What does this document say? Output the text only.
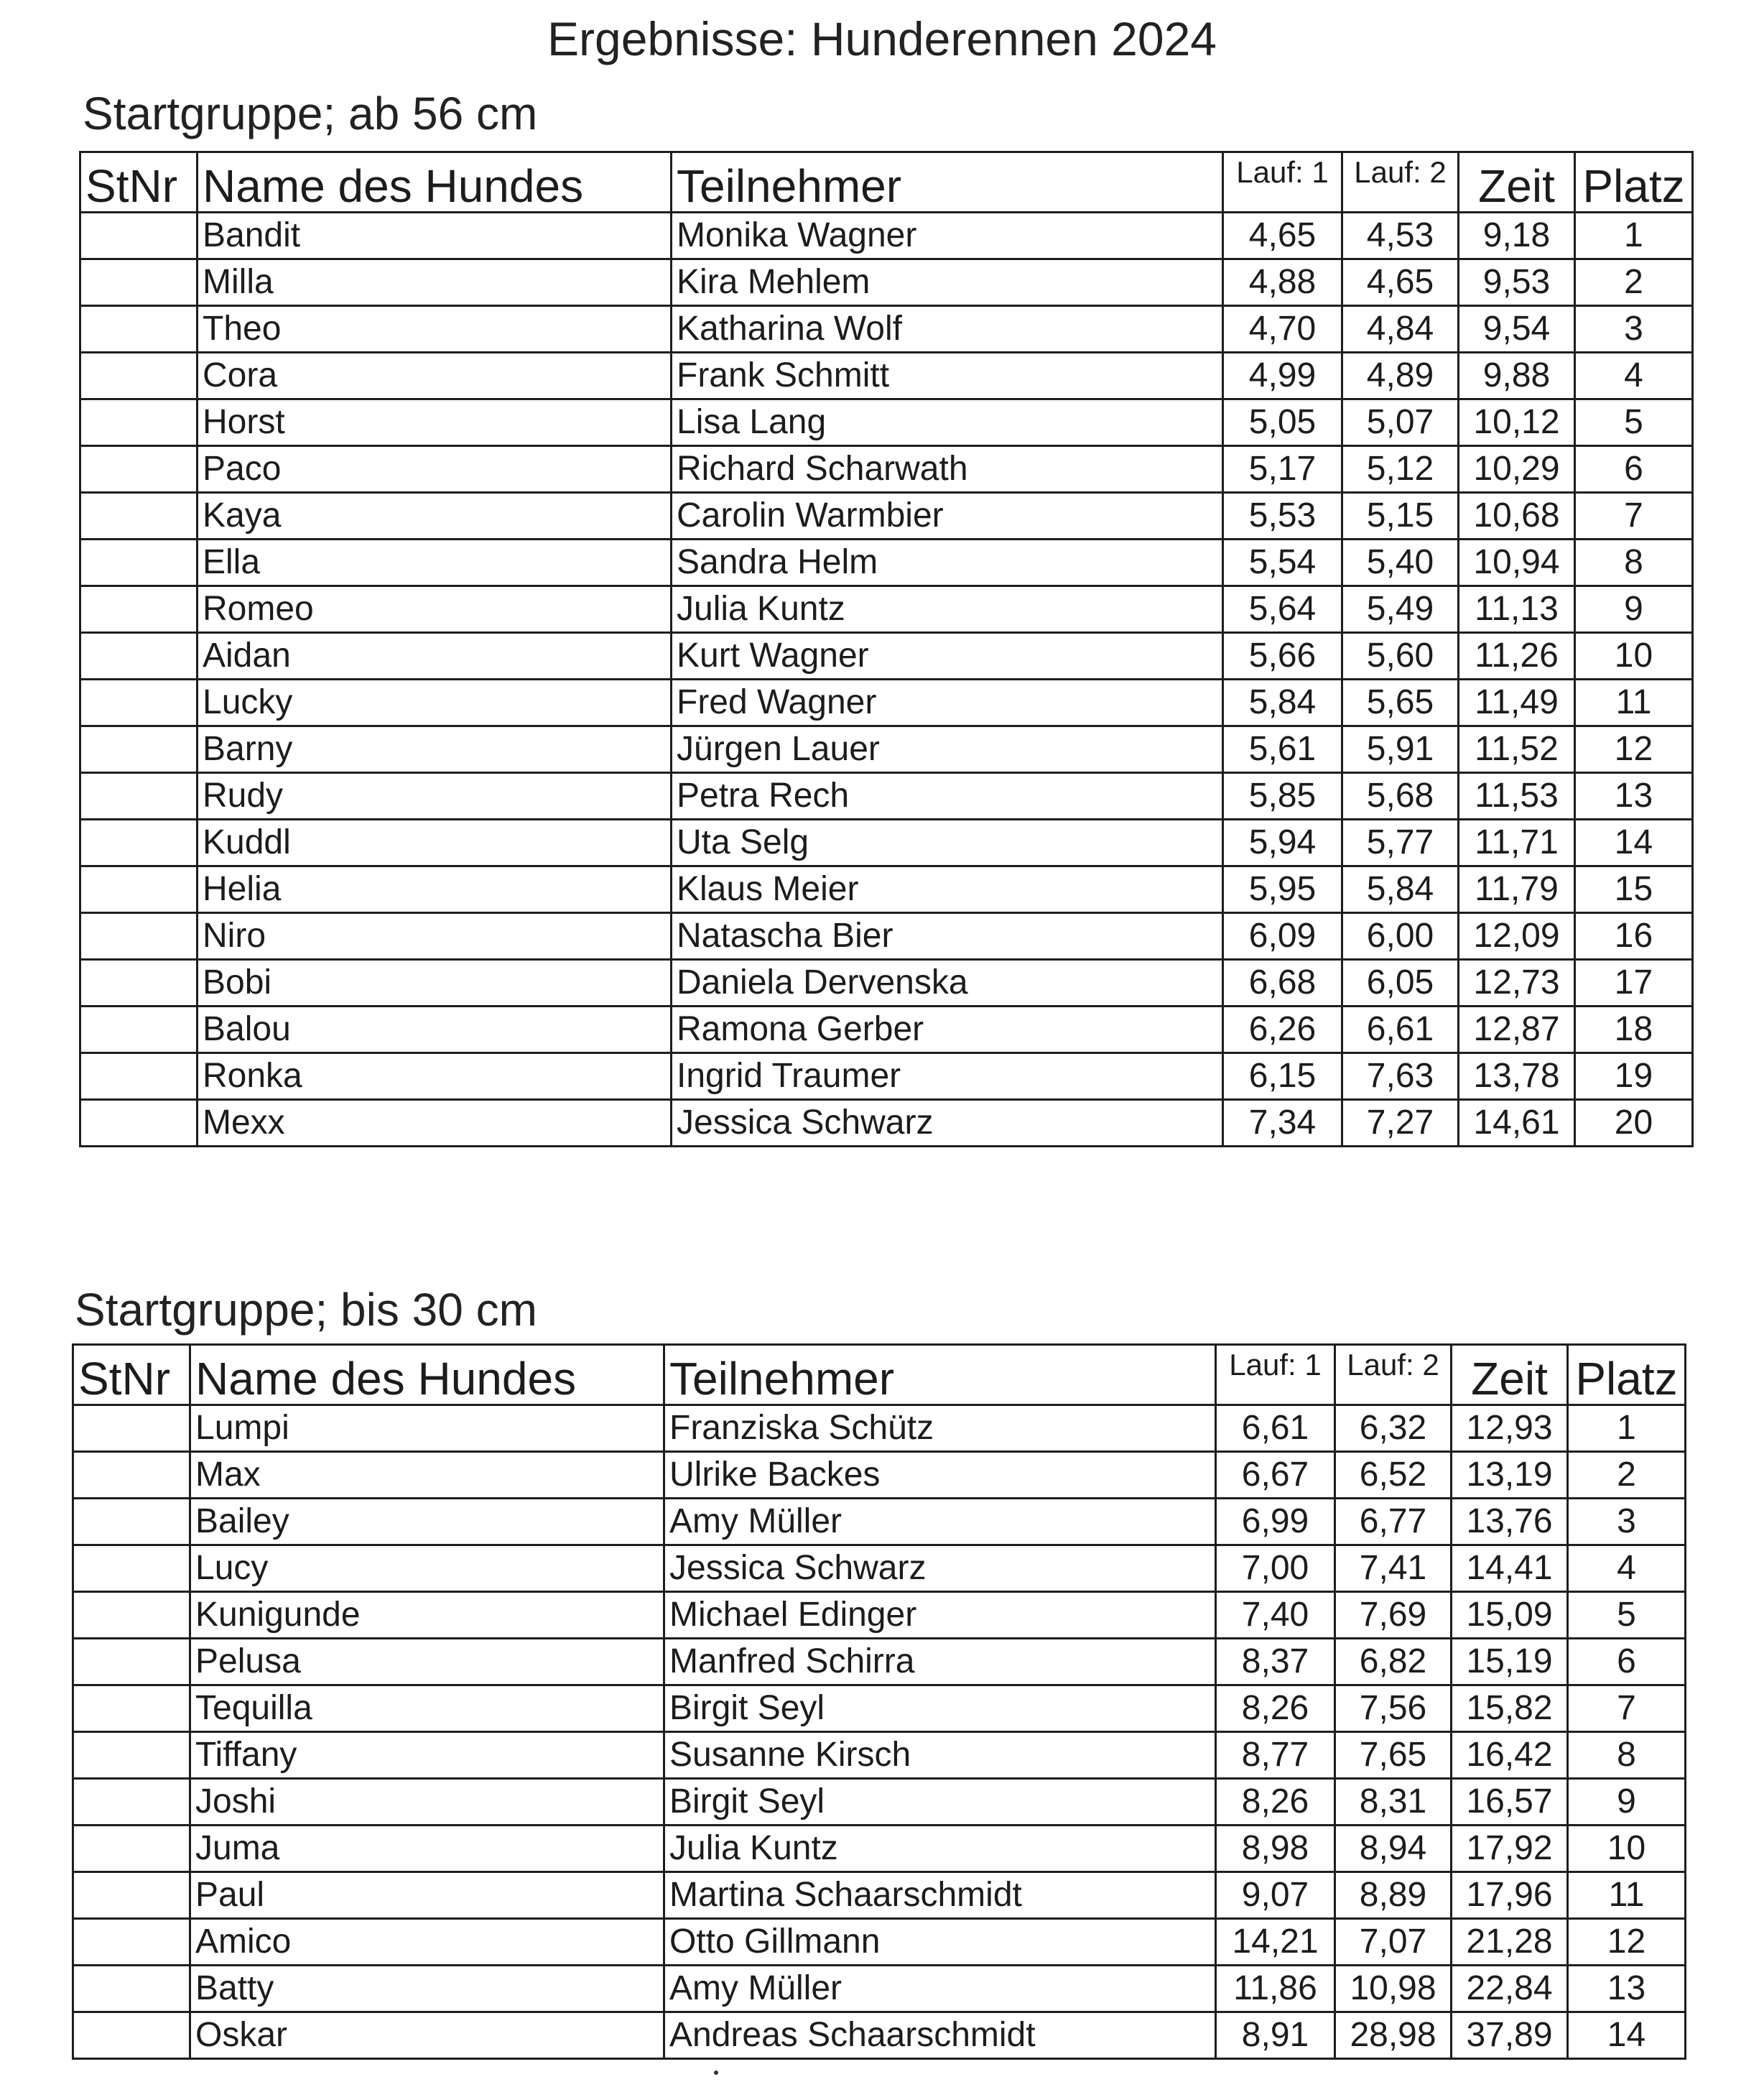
Ergebnisse: Hunderennen 2024
Startgruppe; ab 56 cm
StNr	Name des Hundes	Teilnehmer	Lauf: 1	Lauf: 2	Zeit	Platz
	Bandit	Monika Wagner	4,65	4,53	9,18	1
	Milla	Kira Mehlem	4,88	4,65	9,53	2
	Theo	Katharina Wolf	4,70	4,84	9,54	3
	Cora	Frank Schmitt	4,99	4,89	9,88	4
	Horst	Lisa Lang	5,05	5,07	10,12	5
	Paco	Richard Scharwath	5,17	5,12	10,29	6
	Kaya	Carolin Warmbier	5,53	5,15	10,68	7
	Ella	Sandra Helm	5,54	5,40	10,94	8
	Romeo	Julia Kuntz	5,64	5,49	11,13	9
	Aidan	Kurt Wagner	5,66	5,60	11,26	10
	Lucky	Fred Wagner	5,84	5,65	11,49	11
	Barny	Jürgen Lauer	5,61	5,91	11,52	12
	Rudy	Petra Rech	5,85	5,68	11,53	13
	Kuddl	Uta Selg	5,94	5,77	11,71	14
	Helia	Klaus Meier	5,95	5,84	11,79	15
	Niro	Natascha Bier	6,09	6,00	12,09	16
	Bobi	Daniela Dervenska	6,68	6,05	12,73	17
	Balou	Ramona Gerber	6,26	6,61	12,87	18
	Ronka	Ingrid Traumer	6,15	7,63	13,78	19
	Mexx	Jessica Schwarz	7,34	7,27	14,61	20
Startgruppe; bis 30 cm
StNr	Name des Hundes	Teilnehmer	Lauf: 1	Lauf: 2	Zeit	Platz
	Lumpi	Franziska Schütz	6,61	6,32	12,93	1
	Max	Ulrike Backes	6,67	6,52	13,19	2
	Bailey	Amy Müller	6,99	6,77	13,76	3
	Lucy	Jessica Schwarz	7,00	7,41	14,41	4
	Kunigunde	Michael Edinger	7,40	7,69	15,09	5
	Pelusa	Manfred Schirra	8,37	6,82	15,19	6
	Tequilla	Birgit Seyl	8,26	7,56	15,82	7
	Tiffany	Susanne Kirsch	8,77	7,65	16,42	8
	Joshi	Birgit Seyl	8,26	8,31	16,57	9
	Juma	Julia Kuntz	8,98	8,94	17,92	10
	Paul	Martina Schaarschmidt	9,07	8,89	17,96	11
	Amico	Otto Gillmann	14,21	7,07	21,28	12
	Batty	Amy Müller	11,86	10,98	22,84	13
	Oskar	Andreas Schaarschmidt	8,91	28,98	37,89	14
